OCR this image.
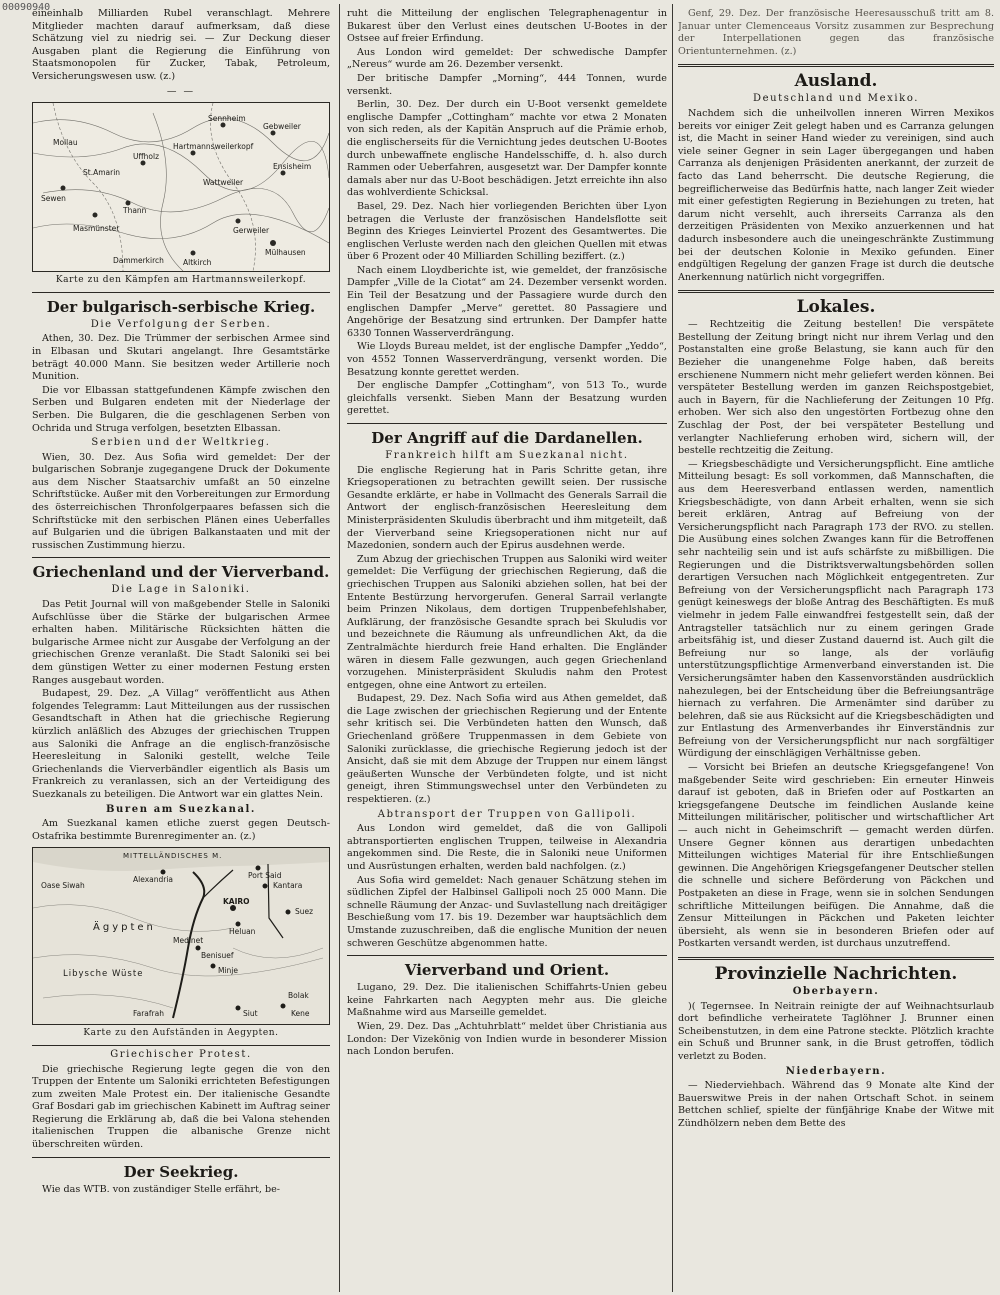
00090940

eineinhalb Milliarden Rubel veranschlagt. Mehrere Mitglieder machten darauf aufmerksam, daß diese Schätzung viel zu niedrig sei. — Zur Deckung dieser Ausgaben plant die Regierung die Einführung von Staatsmonopolen für Zucker, Tabak, Petroleum, Versicherungswesen usw. (z.)

— —
Sennheim
Gebweiler
Hartmannsweilerkopf
Uffholz
Wattweiler
St.Amarin
Thann
Ensisheim
Masmünster
Sewen
Mülhausen
Altkirch
Dammerkirch
Gerweiler
Mollau
Karte zu den Kämpfen am Hartmannsweilerkopf.
Der bulgarisch-serbische Krieg.
Die Verfolgung der Serben.

Athen, 30. Dez. Die Trümmer der serbischen Armee sind in Elbasan und Skutari angelangt. Ihre Gesamtstärke beträgt 40.000 Mann. Sie besitzen weder Artillerie noch Munition.

Die vor Elbassan stattgefundenen Kämpfe zwischen den Serben und Bulgaren endeten mit der Niederlage der Serben. Die Bulgaren, die die geschlagenen Serben von Ochrida und Struga verfolgen, besetzten Elbassan.

Serbien und der Weltkrieg.

Wien, 30. Dez. Aus Sofia wird gemeldet: Der der bulgarischen Sobranje zugegangene Druck der Dokumente aus dem Nischer Staatsarchiv umfaßt an 50 einzelne Schriftstücke. Außer mit den Vorbereitungen zur Ermordung des österreichischen Thronfolgerpaares befassen sich die Schriftstücke mit den serbischen Plänen eines Ueberfalles auf Bulgarien und die übrigen Balkanstaaten und mit der russischen Zustimmung hierzu.

Griechenland und der Vierverband.
Die Lage in Saloniki.

Das Petit Journal will von maßgebender Stelle in Saloniki Aufschlüsse über die Stärke der bulgarischen Armee erhalten haben. Militärische Rücksichten hätten die bulgarische Armee nicht zur Ausgabe der Verfolgung an der griechischen Grenze veranlaßt. Die Stadt Saloniki sei bei dem günstigen Wetter zu einer modernen Festung ersten Ranges ausgebaut worden.

Budapest, 29. Dez. „A Villag“ veröffentlicht aus Athen folgendes Telegramm: Laut Mitteilungen aus der russischen Gesandtschaft in Athen hat die griechische Regierung kürzlich anläßlich des Abzuges der griechischen Truppen aus Saloniki die Anfrage an die englisch-französische Heeresleitung in Saloniki gestellt, welche Teile Griechenlands die Vierverbändler eigentlich als Basis um Frankreich zu veranlassen, sich an der Verteidigung des Suezkanals zu beteiligen. Die Antwort war ein glattes Nein.

Buren am Suezkanal.

Am Suezkanal kamen etliche zuerst gegen Deutsch-Ostafrika bestimmte Burenregimenter an. (z.)

MITTELLÄNDISCHES M.
Alexandria	Port Said
Kantara
KAIRO
Suez
Heluan
Ägypten
Libysche Wüste
Medinet
Benisuef
Minje
Siut
Bolak
Oase Siwah
Farafrah	Kene
Karte zu den Aufständen in Aegypten.
Griechischer Protest.

Die griechische Regierung legte gegen die von den Truppen der Entente um Saloniki errichteten Befestigungen zum zweiten Male Protest ein. Der italienische Gesandte Graf Bosdari gab im griechischen Kabinett im Auftrag seiner Regierung die Erklärung ab, daß die bei Valona stehenden italienischen Truppen die albanische Grenze nicht überschreiten würden.

Der Seekrieg.

Wie das WTB. von zuständiger Stelle erfährt, be-

ruht die Mitteilung der englischen Telegraphenagentur in Bukarest über den Verlust eines deutschen U-Bootes in der Ostsee auf freier Erfindung.

Aus London wird gemeldet: Der schwedische Dampfer „Nereus“ wurde am 26. Dezember versenkt.

Der britische Dampfer „Morning“, 444 Tonnen, wurde versenkt.

Berlin, 30. Dez. Der durch ein U-Boot versenkt gemeldete englische Dampfer „Cottingham“ machte vor etwa 2 Monaten von sich reden, als der Kapitän Anspruch auf die Prämie erhob, die englischerseits für die Vernichtung jedes deutschen U-Bootes durch unbewaffnete englische Handelsschiffe, d. h. also durch Rammen oder Ueberfahren, ausgesetzt war. Der Dampfer konnte damals aber nur das U-Boot beschädigen. Jetzt erreichte ihn also das wohlverdiente Schicksal.

Basel, 29. Dez. Nach hier vorliegenden Berichten über Lyon betragen die Verluste der französischen Handelsflotte seit Beginn des Krieges Leinviertel Prozent des Gesamtwertes. Die englischen Verluste werden nach den gleichen Quellen mit etwas über 6 Prozent oder 40 Milliarden Schilling beziffert. (z.)

Nach einem Lloydberichte ist, wie gemeldet, der französische Dampfer „Ville de la Ciotat“ am 24. Dezember versenkt worden. Ein Teil der Besatzung und der Passagiere wurde durch den englischen Dampfer „Merve“ gerettet. 80 Passagiere und Angehörige der Besatzung sind ertrunken. Der Dampfer hatte 6330 Tonnen Wasserverdrängung.

Wie Lloyds Bureau meldet, ist der englische Dampfer „Yeddo“, von 4552 Tonnen Wasserverdrängung, versenkt worden. Die Besatzung konnte gerettet werden.

Der englische Dampfer „Cottingham“, von 513 To., wurde gleichfalls versenkt. Sieben Mann der Besatzung wurden gerettet.

Der Angriff auf die Dardanellen.
Frankreich hilft am Suezkanal nicht.

Die englische Regierung hat in Paris Schritte getan, ihre Kriegsoperationen zu betrachten gewillt seien. Der russische Gesandte erklärte, er habe in Vollmacht des Generals Sarrail die Antwort der englisch-französischen Heeresleitung dem Ministerpräsidenten Skuludis überbracht und ihm mitgeteilt, daß der Vierverband seine Kriegsoperationen nicht nur auf Mazedonien, sondern auch der Epirus ausdehnen werde.

Zum Abzug der griechischen Truppen aus Saloniki wird weiter gemeldet: Die Verfügung der griechischen Regierung, daß die griechischen Truppen aus Saloniki abziehen sollen, hat bei der Entente Bestürzung hervorgerufen. General Sarrail verlangte beim Prinzen Nikolaus, dem dortigen Truppenbefehlshaber, Aufklärung, der französische Gesandte sprach bei Skuludis vor und bezeichnete die Räumung als unfreundlichen Akt, da die Zentralmächte hierdurch freie Hand erhalten. Die Engländer wären in diesem Falle gezwungen, auch gegen Griechenland vorzugehen. Ministerpräsident Skuludis nahm den Protest entgegen, ohne eine Antwort zu erteilen.

Budapest, 29. Dez. Nach Sofia wird aus Athen gemeldet, daß die Lage zwischen der griechischen Regierung und der Entente sehr kritisch sei. Die Verbündeten hatten den Wunsch, daß Griechenland größere Truppenmassen in dem Gebiete von Saloniki zurücklasse, die griechische Regierung jedoch ist der Ansicht, daß sie mit dem Abzuge der Truppen nur einem längst geäußerten Wunsche der Verbündeten folgte, und ist nicht geneigt, ihren Stimmungswechsel unter den Verbündeten zu respektieren. (z.)

Abtransport der Truppen von Gallipoli.

Aus London wird gemeldet, daß die von Gallipoli abtransportierten englischen Truppen, teilweise in Alexandria angekommen sind. Die Reste, die in Saloniki neue Uniformen und Ausrüstungen erhalten, werden bald nachfolgen. (z.)

Aus Sofia wird gemeldet: Nach genauer Schätzung stehen im südlichen Zipfel der Halbinsel Gallipoli noch 25 000 Mann. Die schnelle Räumung der Anzac- und Suvlastellung nach dreitägiger Beschießung vom 17. bis 19. Dezember war hauptsächlich dem Umstande zuzuschreiben, daß die englische Munition der neuen schweren Geschütze abgenommen hatte.

Vierverband und Orient.

Lugano, 29. Dez. Die italienischen Schiffahrts-Unien gebeu keine Fahrkarten nach Aegypten mehr aus. Die gleiche Maßnahme wird aus Marseille gemeldet.

Wien, 29. Dez. Das „Achtuhrblatt“ meldet über Christiania aus London: Der Vizekönig von Indien wurde in besonderer Mission nach London berufen.

Genf, 29. Dez. Der französische Heeresausschuß tritt am 8. Januar unter Clemenceaus Vorsitz zusammen zur Besprechung der Interpellationen gegen das französische Orientunternehmen. (z.)

Ausland.
Deutschland und Mexiko.

Nachdem sich die unheilvollen inneren Wirren Mexikos bereits vor einiger Zeit gelegt haben und es Carranza gelungen ist, die Macht in seiner Hand wieder zu vereinigen, sind auch viele seiner Gegner in sein Lager übergegangen und haben Carranza als denjenigen Präsidenten anerkannt, der zurzeit de facto das Land beherrscht. Die deutsche Regierung, die begreiflicherweise das Bedürfnis hatte, nach langer Zeit wieder mit einer gefestigten Regierung in Beziehungen zu treten, hat darum nicht versehlt, auch ihrerseits Carranza als den derzeitigen Präsidenten von Mexiko anzuerkennen und hat dadurch insbesondere auch die uneingeschränkte Zustimmung bei der deutschen Kolonie in Mexiko gefunden. Einer endgültigen Regelung der ganzen Frage ist durch die deutsche Anerkennung natürlich nicht vorgegriffen.

Lokales.

— Rechtzeitig die Zeitung bestellen! Die verspätete Bestellung der Zeitung bringt nicht nur ihrem Verlag und den Postanstalten eine große Belastung, sie kann auch für den Bezieher die unangenehme Folge haben, daß bereits erschienene Nummern nicht mehr geliefert werden können. Bei verspäteter Bestellung werden im ganzen Reichspostgebiet, auch in Bayern, für die Nachlieferung der Zeitungen 10 Pfg. erhoben. Wer sich also den ungestörten Fortbezug ohne den Zuschlag der Post, der bei verspäteter Bestellung und verlangter Nachlieferung erhoben wird, sichern will, der bestelle rechtzeitig die Zeitung.

— Kriegsbeschädigte und Versicherungspflicht. Eine amtliche Mitteilung besagt: Es soll vorkommen, daß Mannschaften, die aus dem Heeresverband entlassen werden, namentlich Kriegsbeschädigte, von dann Arbeit erhalten, wenn sie sich bereit erklären, Antrag auf Befreiung von der Versicherungspflicht nach Paragraph 173 der RVO. zu stellen. Die Ausübung eines solchen Zwanges kann für die Betroffenen sehr nachteilig sein und ist aufs schärfste zu mißbilligen. Die Regierungen und die Distriktsverwaltungsbehörden sollen derartigen Versuchen nach Möglichkeit entgegentreten. Zur Befreiung von der Versicherungspflicht nach Paragraph 173 genügt keineswegs der bloße Antrag des Beschäftigten. Es muß vielmehr in jedem Falle einwandfrei festgestellt sein, daß der Antragsteller tatsächlich nur zu einem geringen Grade arbeitsfähig ist, und dieser Zustand dauernd ist. Auch gilt die Befreiung nur so lange, als der vorläufig unterstützungspflichtige Armenverband einverstanden ist. Die Versicherungsämter haben den Kassenvorständen ausdrücklich nahezulegen, bei der Entscheidung über die Befreiungsanträge hiernach zu verfahren. Die Armenämter sind darüber zu belehren, daß sie aus Rücksicht auf die Kriegsbeschädigten und zur Entlastung des Armenverbandes ihr Einverständnis zur Befreiung von der Versicherungspflicht nur nach sorgfältiger Würdigung der einschlägigen Verhältnisse geben.

— Vorsicht bei Briefen an deutsche Kriegsgefangene! Von maßgebender Seite wird geschrieben: Ein erneuter Hinweis darauf ist geboten, daß in Briefen oder auf Postkarten an kriegsgefangene Deutsche im feindlichen Auslande keine Mitteilungen militärischer, politischer und wirtschaftlicher Art — auch nicht in Geheimschrift — gemacht werden dürfen. Unsere Gegner können aus derartigen unbedachten Mitteilungen wichtiges Material für ihre Entschließungen gewinnen. Die Angehörigen Kriegsgefangener Deutscher stellen die schnelle und sichere Beförderung von Päckchen und Postpaketen an diese in Frage, wenn sie in solchen Sendungen schriftliche Mitteilungen beifügen. Die Annahme, daß die Zensur Mitteilungen in Päckchen und Paketen leichter übersieht, als wenn sie in besonderen Briefen oder auf Postkarten versandt werden, ist durchaus unzutreffend.

Provinzielle Nachrichten.
Oberbayern.

)( Tegernsee. In Neitrain reinigte der auf Weihnachtsurlaub dort befindliche verheiratete Taglöhner J. Brunner einen Scheibenstutzen, in dem eine Patrone steckte. Plötzlich krachte ein Schuß und Brunner sank, in die Brust getroffen, tödlich verletzt zu Boden.

Niederbayern.

— Niederviehbach. Während das 9 Monate alte Kind der Bauerswitwe Preis in der nahen Ortschaft Schot. in seinem Bettchen schlief, spielte der fünfjährige Knabe der Witwe mit Zündhölzern neben dem Bette des
